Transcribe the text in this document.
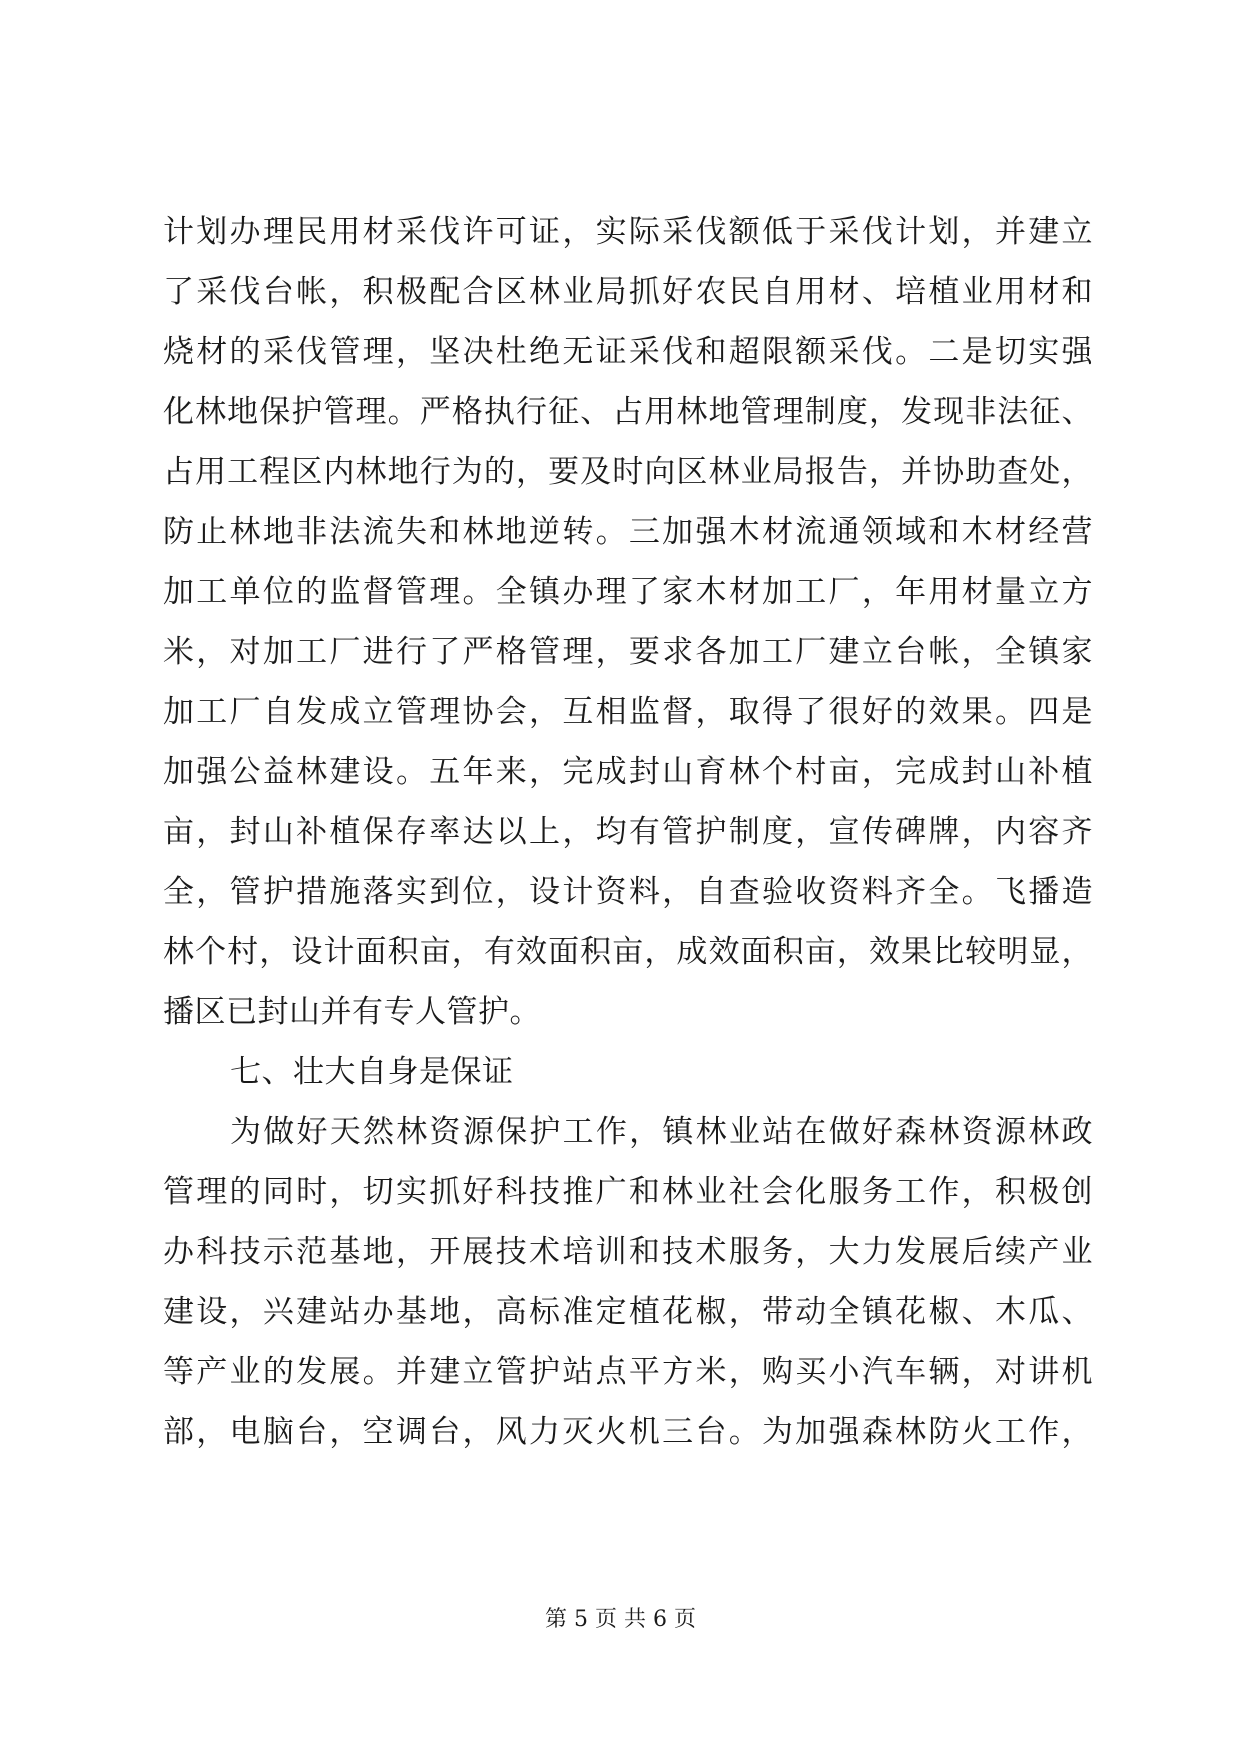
计划办理民用材采伐许可证，实际采伐额低于采伐计划，并建立
了采伐台帐，积极配合区林业局抓好农民自用材、培植业用材和
烧材的采伐管理，坚决杜绝无证采伐和超限额采伐。二是切实强
化林地保护管理。严格执行征、占用林地管理制度，发现非法征、
占用工程区内林地行为的，要及时向区林业局报告，并协助查处，
防止林地非法流失和林地逆转。三加强木材流通领域和木材经营
加工单位的监督管理。全镇办理了家木材加工厂，年用材量立方
米，对加工厂进行了严格管理，要求各加工厂建立台帐，全镇家
加工厂自发成立管理协会，互相监督，取得了很好的效果。四是
加强公益林建设。五年来，完成封山育林个村亩，完成封山补植
亩，封山补植保存率达以上，均有管护制度，宣传碑牌，内容齐
全，管护措施落实到位，设计资料，自查验收资料齐全。飞播造
林个村，设计面积亩，有效面积亩，成效面积亩，效果比较明显，
播区已封山并有专人管护。
七、壮大自身是保证
为做好天然林资源保护工作，镇林业站在做好森林资源林政
管理的同时，切实抓好科技推广和林业社会化服务工作，积极创
办科技示范基地，开展技术培训和技术服务，大力发展后续产业
建设，兴建站办基地，高标准定植花椒，带动全镇花椒、木瓜、
等产业的发展。并建立管护站点平方米，购买小汽车辆，对讲机
部，电脑台，空调台，风力灭火机三台。为加强森林防火工作，
第 5 页 共 6 页
